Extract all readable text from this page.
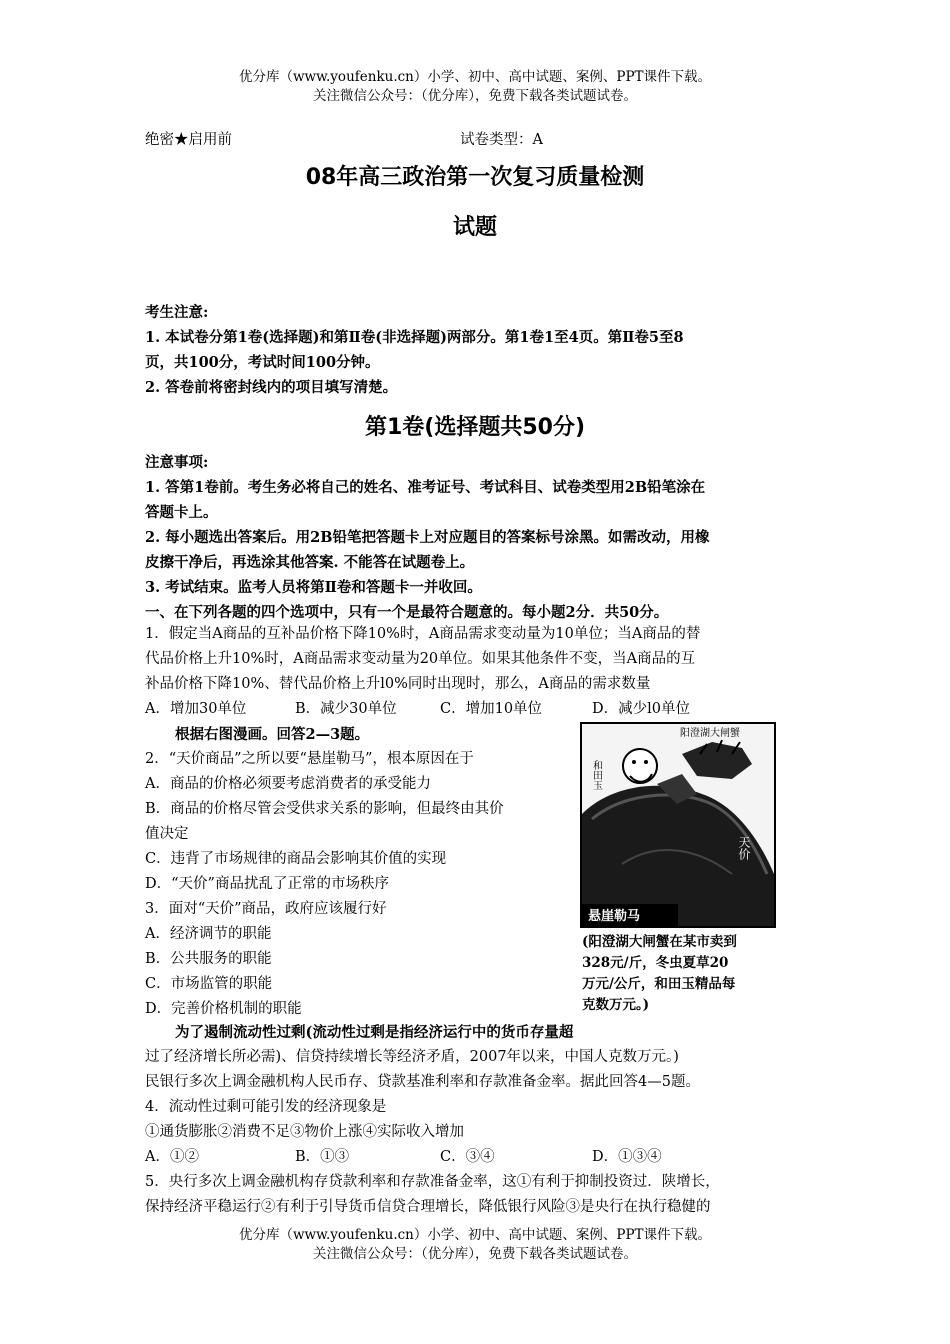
优分库（www.youfenku.cn）小学、初中、高中试题、案例、PPT课件下载。
关注微信公众号：（优分库），免费下载各类试题试卷。
绝密★启用前	试卷类型：A
08年高三政治第一次复习质量检测
试题
考生注意:
1. 本试卷分第1卷(选择题)和第Ⅱ卷(非选择题)两部分。第1卷1至4页。第Ⅱ卷5至8
页，共100分，考试时间100分钟。
2. 答卷前将密封线内的项目填写清楚。
第1卷(选择题共50分)
注意事项:
1. 答第1卷前。考生务必将自己的姓名、准考证号、考试科目、试卷类型用2B铅笔涂在
答题卡上。
2. 每小题选出答案后。用2B铅笔把答题卡上对应题目的答案标号涂黑。如需改动，用橡
皮擦干净后，再选涂其他答案. 不能答在试题卷上。
3. 考试结束。监考人员将第Ⅱ卷和答题卡一并收回。
一、在下列各题的四个选项中，只有一个是最符合题意的。每小题2分．共50分。
1．假定当A商品的互补品价格下降10%时，A商品需求变动量为10单位；当A商品的替
代品价格上升10%时，A商品需求变动量为20单位。如果其他条件不变，当A商品的互
补品价格下降10%、替代品价格上升l0%同时出现时，那么，A商品的需求数量
A．增加30单位	B．减少30单位	C．增加10单位	D．减少l0单位
根据右图漫画。回答2—3题。
2．“天价商品”之所以要“悬崖勒马”，根本原因在于
A．商品的价格必须要考虑消费者的承受能力
B．商品的价格尽管会受供求关系的影响，但最终由其价
值决定
C．违背了市场规律的商品会影响其价值的实现
D．“天价”商品扰乱了正常的市场秩序
3．面对“天价”商品，政府应该履行好
A．经济调节的职能
B．公共服务的职能
C．市场监管的职能
D．完善价格机制的职能
悬崖勒马
阳澄湖大闸蟹
和田玉
天价
(阳澄湖大闸蟹在某市卖到
328元/斤，冬虫夏草20
万元/公斤，和田玉精品每
克数万元。)
为了遏制流动性过剩(流动性过剩是指经济运行中的货币存量超
过了经济增长所必需)、信贷持续增长等经济矛盾，2007年以来，中国人克数万元。)
民银行多次上调金融机构人民币存、贷款基准利率和存款准备金率。据此回答4—5题。
4．流动性过剩可能引发的经济现象是
①通货膨胀②消费不足③物价上涨④实际收入增加
A．①②	B．①③	C．③④	D．①③④
5．央行多次上调金融机构存贷款利率和存款准备金率，这①有利于抑制投资过．陕增长，
保持经济平稳运行②有利于引导货币信贷合理增长，降低银行风险③是央行在执行稳健的
优分库（www.youfenku.cn）小学、初中、高中试题、案例、PPT课件下载。
关注微信公众号：（优分库），免费下载各类试题试卷。
